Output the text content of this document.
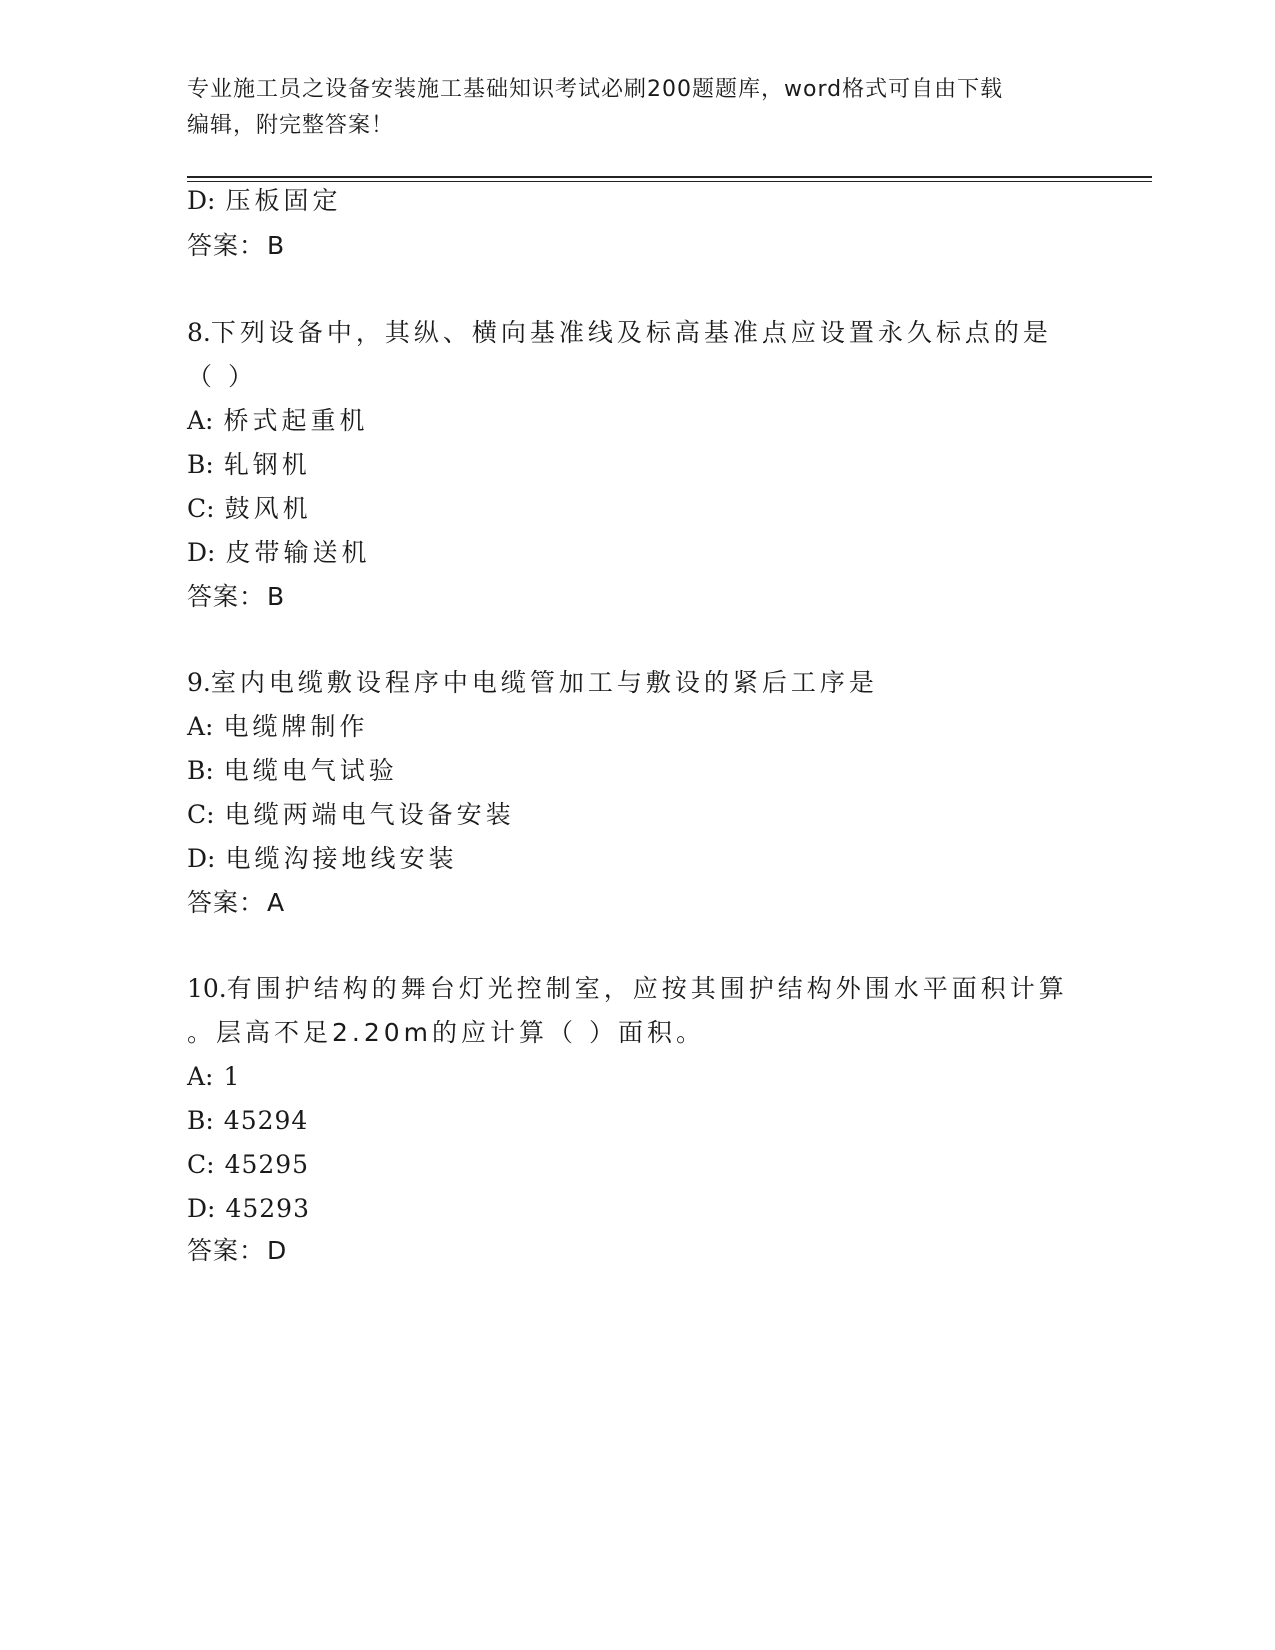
专业施工员之设备安装施工基础知识考试必刷200题题库，word格式可自由下载
编辑，附完整答案！
D: 压板固定
答案：B
8.下列设备中，其纵、横向基准线及标高基准点应设置永久标点的是
（ ）
A: 桥式起重机
B: 轧钢机
C: 鼓风机
D: 皮带输送机
答案：B
9.室内电缆敷设程序中电缆管加工与敷设的紧后工序是
A: 电缆牌制作
B: 电缆电气试验
C: 电缆两端电气设备安装
D: 电缆沟接地线安装
答案：A
10.有围护结构的舞台灯光控制室，应按其围护结构外围水平面积计算
。层高不足2.20m的应计算（ ）面积。
A: 1
B: 45294
C: 45295
D: 45293
答案：D
